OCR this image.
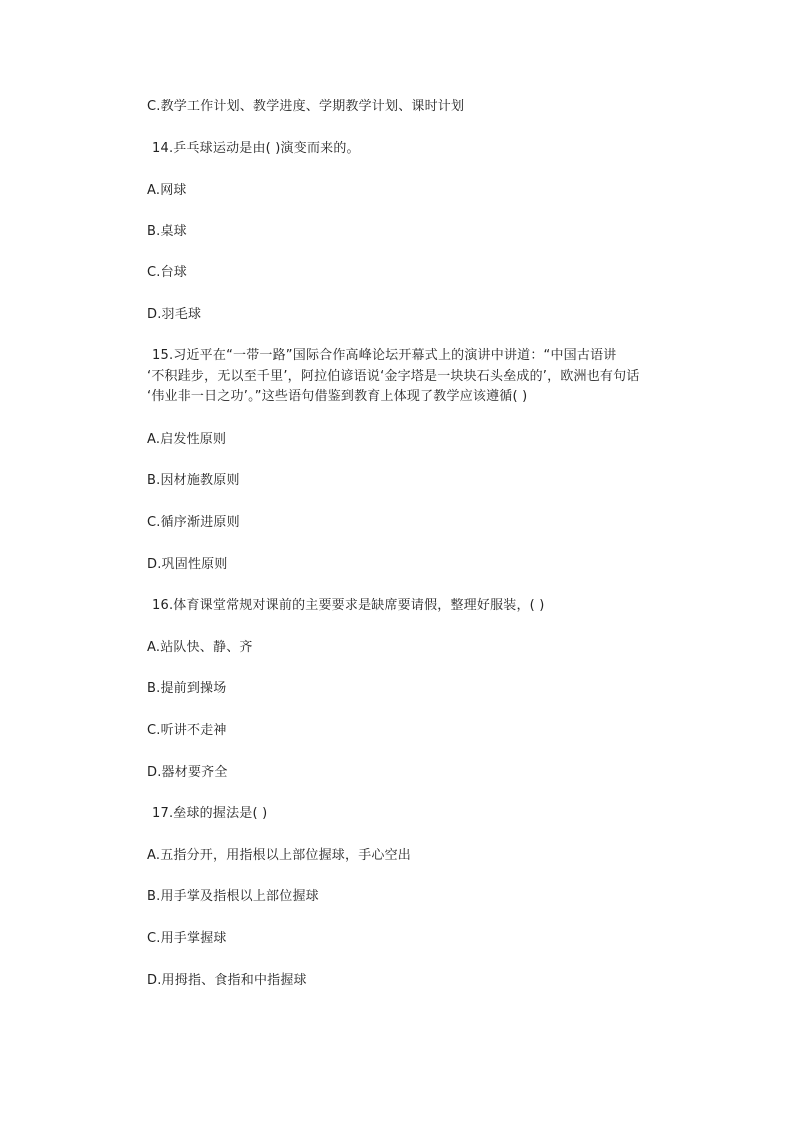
C.教学工作计划、教学进度、学期教学计划、课时计划
14.乒乓球运动是由( )演变而来的。
A.网球
B.桌球
C.台球
D.羽毛球
15.习近平在“一带一路”国际合作高峰论坛开幕式上的演讲中讲道：“中国古语讲
‘不积跬步，无以至千里’，阿拉伯谚语说‘金字塔是一块块石头垒成的’，欧洲也有句话
‘伟业非一日之功’。”这些语句借鉴到教育上体现了教学应该遵循( )
A.启发性原则
B.因材施教原则
C.循序渐进原则
D.巩固性原则
16.体育课堂常规对课前的主要要求是缺席要请假，整理好服装，( )
A.站队快、静、齐
B.提前到操场
C.听讲不走神
D.器材要齐全
17.垒球的握法是( )
A.五指分开，用指根以上部位握球，手心空出
B.用手掌及指根以上部位握球
C.用手掌握球
D.用拇指、食指和中指握球
